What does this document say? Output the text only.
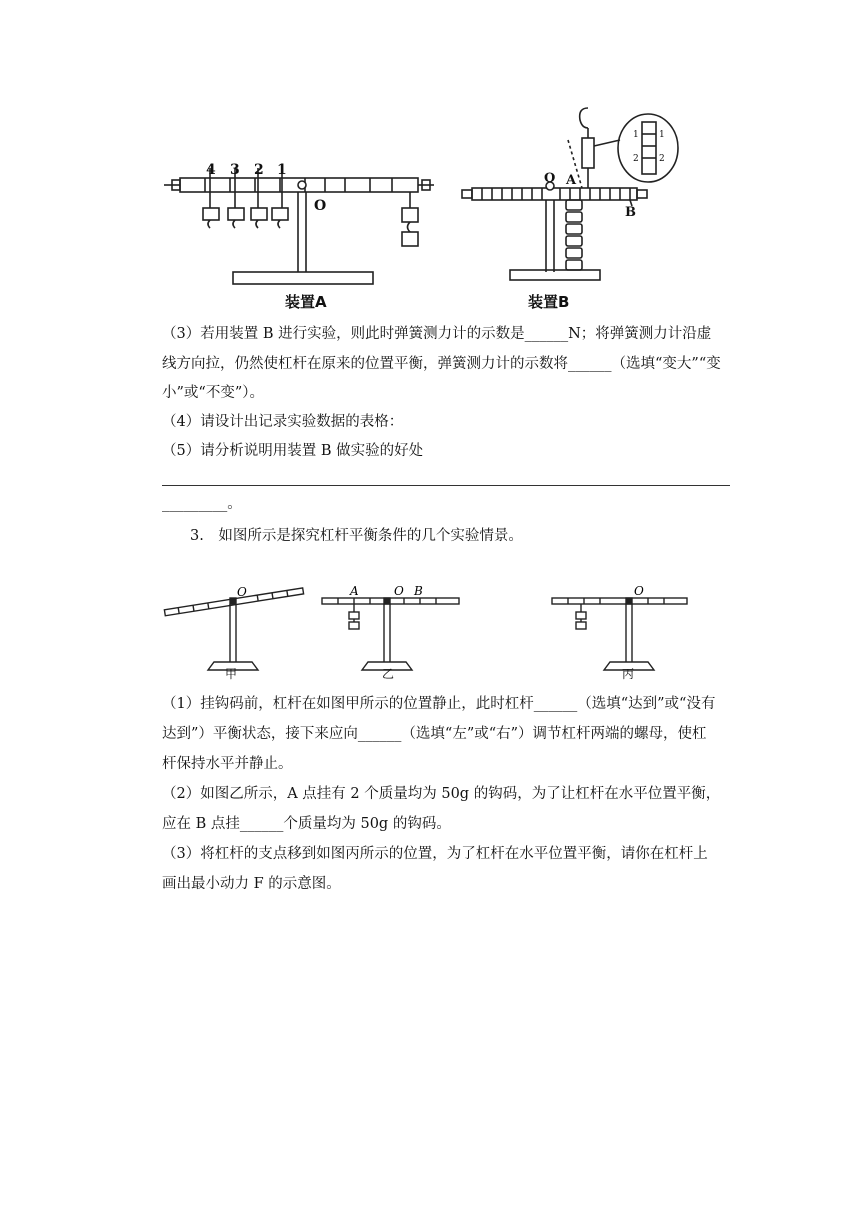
4 3 2 1
O
装置A
O A
B
1
2
1
2
装置B
（3）若用装置 B 进行实验，则此时弹簧测力计的示数是______N；将弹簧测力计沿虚
线方向拉，仍然使杠杆在原来的位置平衡，弹簧测力计的示数将______（选填“变大”“变
小”或“不变”）。
（4）请设计出记录实验数据的表格：
（5）请分析说明用装置 B 做实验的好处
_________。
3.　如图所示是探究杠杆平衡条件的几个实验情景。
O
甲
A	O B
乙
O
丙
（1）挂钩码前，杠杆在如图甲所示的位置静止，此时杠杆______（选填“达到”或“没有
达到”）平衡状态，接下来应向______（选填“左”或“右”）调节杠杆两端的螺母，使杠
杆保持水平并静止。
（2）如图乙所示，A 点挂有 2 个质量均为 50g 的钩码，为了让杠杆在水平位置平衡，
应在 B 点挂______个质量均为 50g 的钩码。
（3）将杠杆的支点移到如图丙所示的位置，为了杠杆在水平位置平衡，请你在杠杆上
画出最小动力 F 的示意图。
